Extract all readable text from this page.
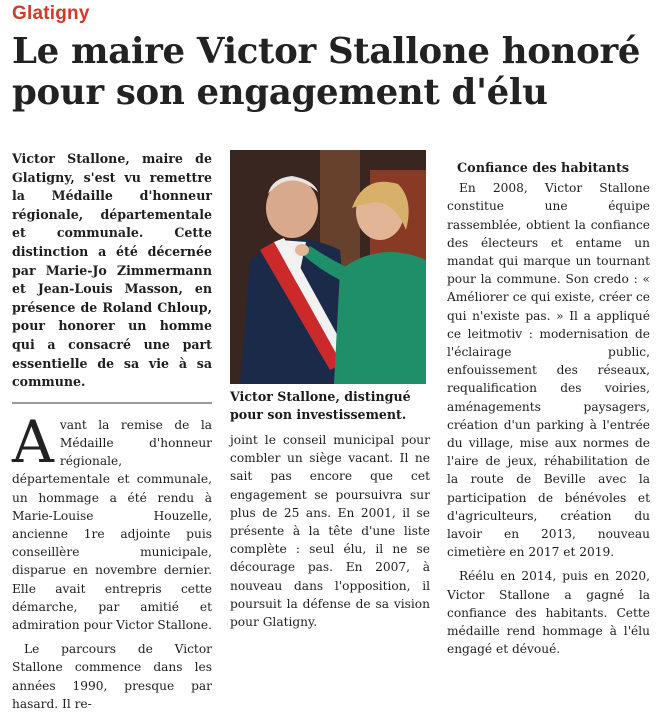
Glatigny
Le maire Victor Stallone honoré pour son engagement d'élu

Victor Stallone, maire de Glatigny, s'est vu remettre la Médaille d'honneur régionale, départementale et communale. Cette distinction a été décernée par Marie-Jo Zimmermann et Jean-Louis Masson, en présence de Roland Chloup, pour honorer un homme qui a consacré une part essentielle de sa vie à sa commune.

Avant la remise de la Médaille d'honneur régionale, départementale et communale, un hommage a été rendu à Marie-Louise Houzelle, ancienne 1re adjointe puis conseillère municipale, disparue en novembre dernier. Elle avait entrepris cette démarche, par amitié et admiration pour Victor Stallone.

Le parcours de Victor Stallone commence dans les années 1990, presque par hasard. Il re-

Victor Stallone, distingué pour son investissement.

joint le conseil municipal pour combler un siège vacant. Il ne sait pas encore que cet engagement se poursuivra sur plus de 25 ans. En 2001, il se présente à la tête d'une liste complète : seul élu, il ne se décourage pas. En 2007, à nouveau dans l'opposition, il poursuit la défense de sa vision pour Glatigny.

Confiance des habitants

En 2008, Victor Stallone constitue une équipe rassemblée, obtient la confiance des électeurs et entame un mandat qui marque un tournant pour la commune. Son credo : « Améliorer ce qui existe, créer ce qui n'existe pas. » Il a appliqué ce leitmotiv : modernisation de l'éclairage public, enfouissement des réseaux, requalification des voiries, aménagements paysagers, création d'un parking à l'entrée du village, mise aux normes de l'aire de jeux, réhabilitation de la route de Beville avec la participation de bénévoles et d'agriculteurs, création du lavoir en 2013, nouveau cimetière en 2017 et 2019.

Réélu en 2014, puis en 2020, Victor Stallone a gagné la confiance des habitants. Cette médaille rend hommage à l'élu engagé et dévoué.
